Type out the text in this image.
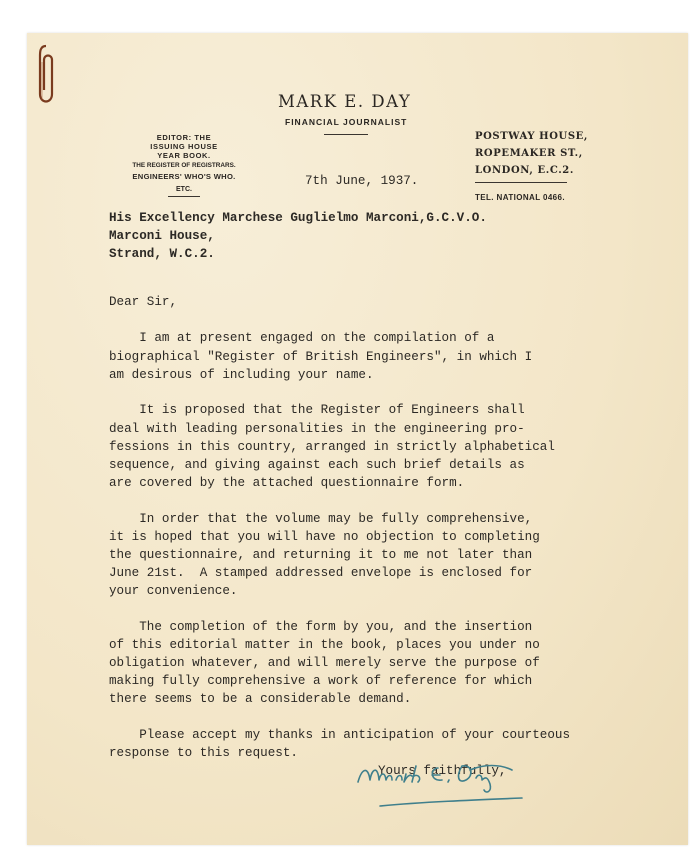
MARK E. DAY
FINANCIAL JOURNALIST
EDITOR: THE
ISSUING HOUSE
YEAR BOOK.
THE REGISTER OF REGISTRARS.
ENGINEERS' WHO'S WHO.
ETC.
POSTWAY HOUSE,
ROPEMAKER ST.,
LONDON, E.C.2.
TEL. NATIONAL 0466.
7th June, 1937.
His Excellency Marchese Guglielmo Marconi,G.C.V.O.
Marconi House,
Strand, W.C.2.
Dear Sir,
I am at present engaged on the compilation of a
biographical "Register of British Engineers", in which I
am desirous of including your name.
It is proposed that the Register of Engineers shall
deal with leading personalities in the engineering pro-
fessions in this country, arranged in strictly alphabetical
sequence, and giving against each such brief details as
are covered by the attached questionnaire form.
In order that the volume may be fully comprehensive,
it is hoped that you will have no objection to completing
the questionnaire, and returning it to me not later than
June 21st.  A stamped addressed envelope is enclosed for
your convenience.
The completion of the form by you, and the insertion
of this editorial matter in the book, places you under no
obligation whatever, and will merely serve the purpose of
making fully comprehensive a work of reference for which
there seems to be a considerable demand.
Please accept my thanks in anticipation of your courteous
response to this request.
Yours faithfully,
